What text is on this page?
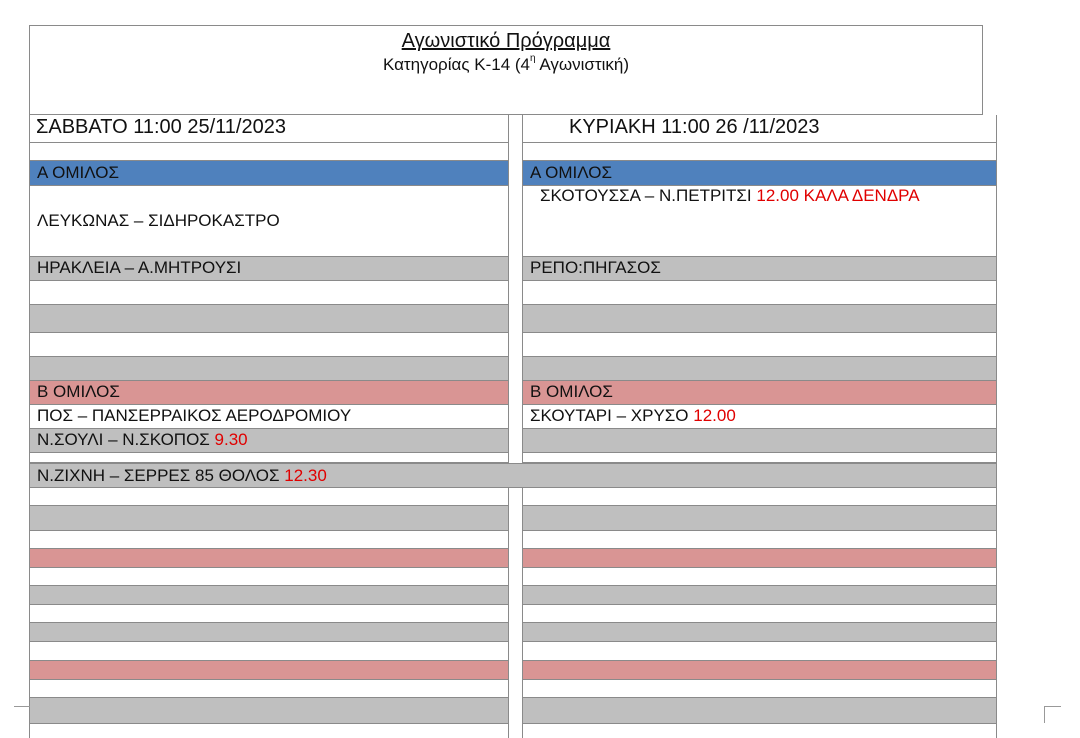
Αγωνιστικό Πρόγραμμα
Κατηγορίας Κ-14 ($4^\eta$ Αγωνιστική)
ΣΑΒΒΑΤΟ 11:00 25/11/2023
Α ΟΜΙΛΟΣ
ΛΕΥΚΩΝΑΣ – ΣΙΔΗΡΟΚΑΣΤΡΟ
ΗΡΑΚΛΕΙΑ – Α.ΜΗΤΡΟΥΣΙ
Β ΟΜΙΛΟΣ
ΠΟΣ – ΠΑΝΣΕΡΡΑΙΚΟΣ ΑΕΡΟΔΡΟΜΙΟΥ
Ν.ΣΟΥΛΙ – Ν.ΣΚΟΠΟΣ 9.30
ΚΥΡΙΑΚΗ 11:00 26 /11/2023
Α ΟΜΙΛΟΣ
ΣΚΟΤΟΥΣΣΑ – Ν.ΠΕΤΡΙΤΣΙ 12.00 ΚΑΛΑ ΔΕΝΔΡΑ
ΡΕΠΟ:ΠΗΓΑΣΟΣ
Β ΟΜΙΛΟΣ
ΣΚΟΥΤΑΡΙ – ΧΡΥΣΟ 12.00
Ν.ΖΙΧΝΗ – ΣΕΡΡΕΣ 85 ΘΟΛΟΣ 12.30
